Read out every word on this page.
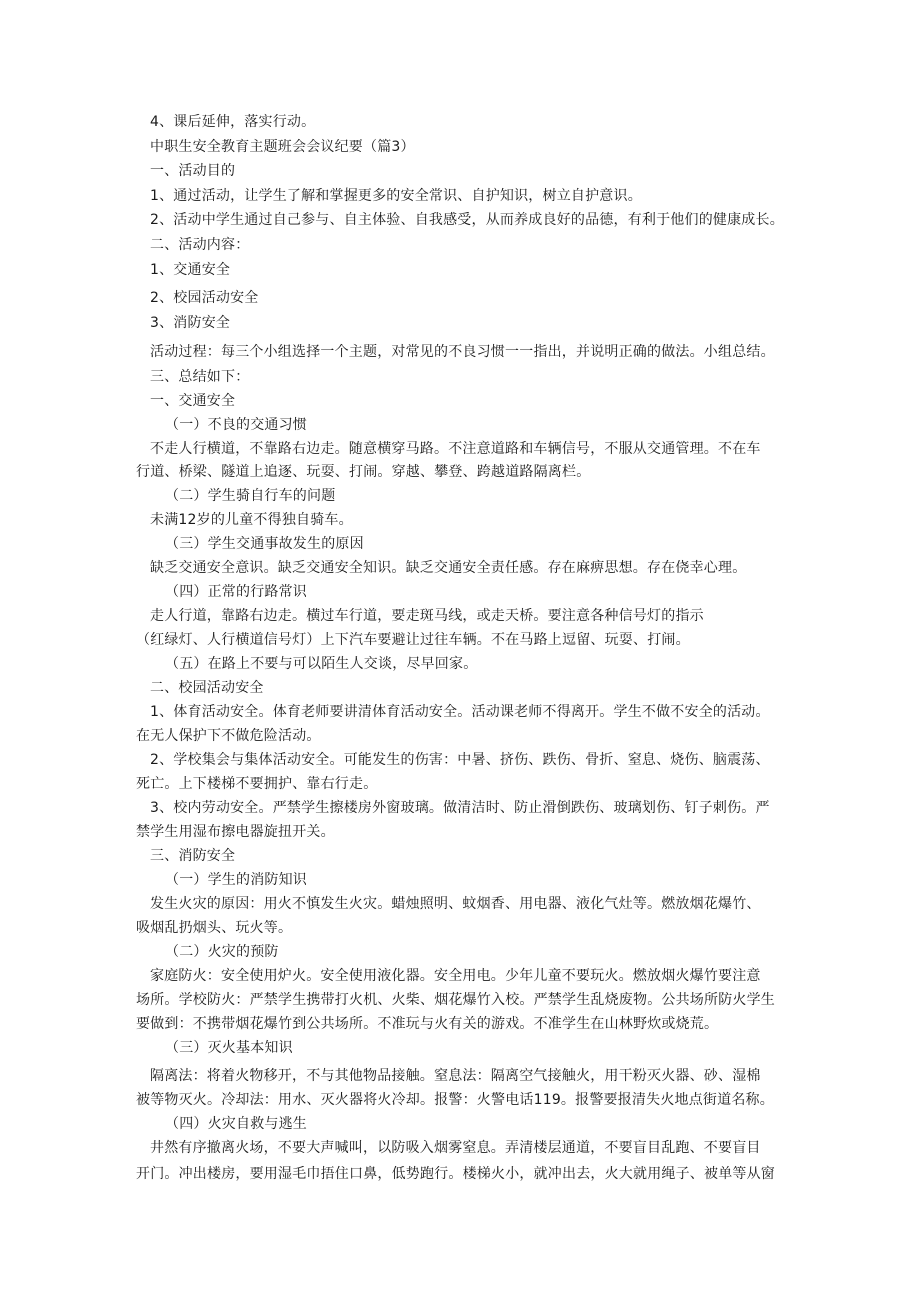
4、课后延伸，落实行动。
中职生安全教育主题班会会议纪要（篇3）
一、活动目的
1、通过活动，让学生了解和掌握更多的安全常识、自护知识，树立自护意识。
2、活动中学生通过自己参与、自主体验、自我感受，从而养成良好的品德，有利于他们的健康成长。
二、活动内容：
1、交通安全
2、校园活动安全
3、消防安全
活动过程：每三个小组选择一个主题，对常见的不良习惯一一指出，并说明正确的做法。小组总结。
三、总结如下：
一、交通安全
（一）不良的交通习惯
不走人行横道，不靠路右边走。随意横穿马路。不注意道路和车辆信号，不服从交通管理。不在车
行道、桥梁、隧道上追逐、玩耍、打闹。穿越、攀登、跨越道路隔离栏。
（二）学生骑自行车的问题
未满12岁的儿童不得独自骑车。
（三）学生交通事故发生的原因
缺乏交通安全意识。缺乏交通安全知识。缺乏交通安全责任感。存在麻痹思想。存在侥幸心理。
（四）正常的行路常识
走人行道，靠路右边走。横过车行道，要走斑马线，或走天桥。要注意各种信号灯的指示
（红绿灯、人行横道信号灯）上下汽车要避让过往车辆。不在马路上逗留、玩耍、打闹。
（五）在路上不要与可以陌生人交谈，尽早回家。
二、校园活动安全
1、体育活动安全。体育老师要讲清体育活动安全。活动课老师不得离开。学生不做不安全的活动。
在无人保护下不做危险活动。
2、学校集会与集体活动安全。可能发生的伤害：中暑、挤伤、跌伤、骨折、窒息、烧伤、脑震荡、
死亡。上下楼梯不要拥护、靠右行走。
3、校内劳动安全。严禁学生擦楼房外窗玻璃。做清洁时、防止滑倒跌伤、玻璃划伤、钉子刺伤。严
禁学生用湿布擦电器旋扭开关。
三、消防安全
（一）学生的消防知识
发生火灾的原因：用火不慎发生火灾。蜡烛照明、蚊烟香、用电器、液化气灶等。燃放烟花爆竹、
吸烟乱扔烟头、玩火等。
（二）火灾的预防
家庭防火：安全使用炉火。安全使用液化器。安全用电。少年儿童不要玩火。燃放烟火爆竹要注意
场所。学校防火：严禁学生携带打火机、火柴、烟花爆竹入校。严禁学生乱烧废物。公共场所防火学生
要做到：不携带烟花爆竹到公共场所。不准玩与火有关的游戏。不准学生在山林野炊或烧荒。
（三）灭火基本知识
隔离法：将着火物移开，不与其他物品接触。窒息法：隔离空气接触火，用干粉灭火器、砂、湿棉
被等物灭火。冷却法：用水、灭火器将火冷却。报警：火警电话119。报警要报清失火地点街道名称。
（四）火灾自救与逃生
井然有序撤离火场，不要大声喊叫，以防吸入烟雾窒息。弄清楼层通道，不要盲目乱跑、不要盲目
开门。冲出楼房，要用湿毛巾捂住口鼻，低势跑行。楼梯火小，就冲出去，火大就用绳子、被单等从窗
